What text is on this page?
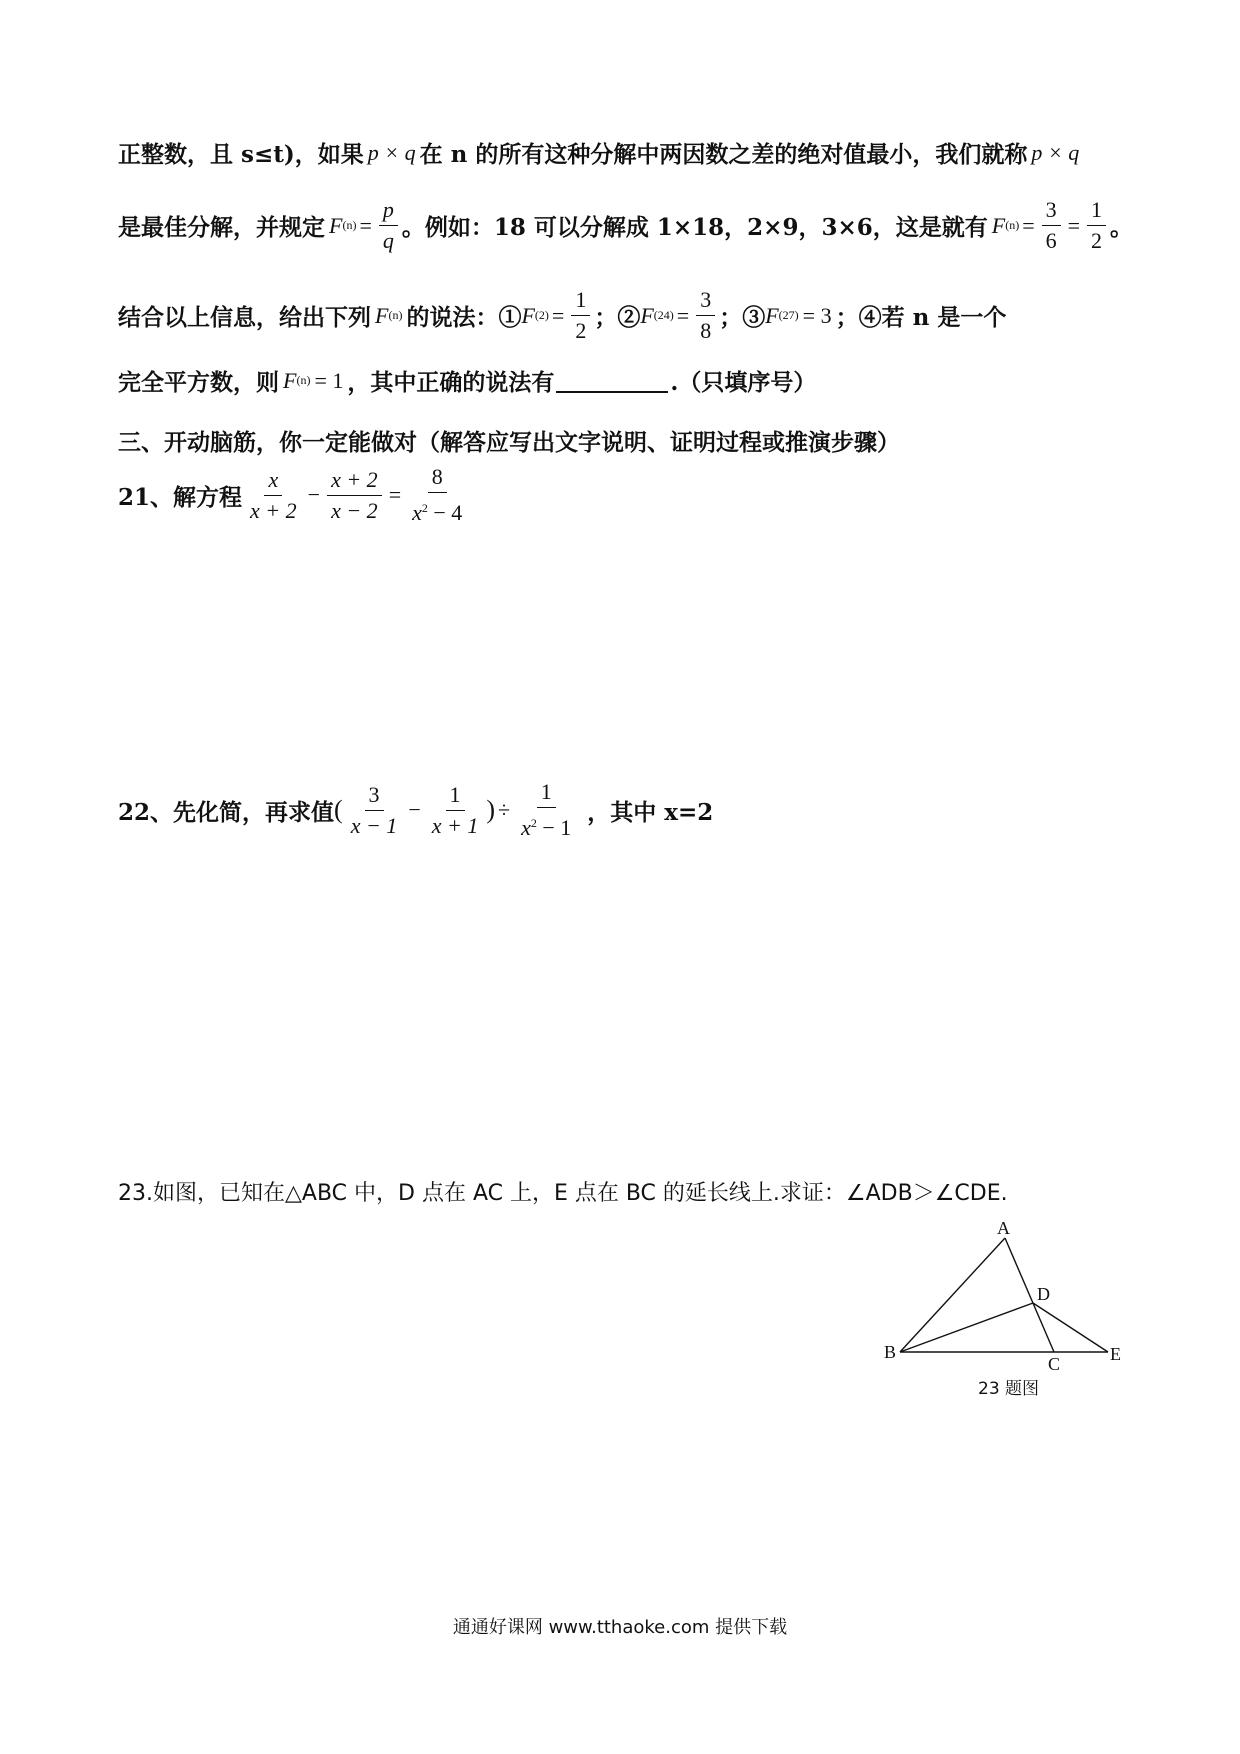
正整数，且 s≤t)，如果 p × q 在 n 的所有这种分解中两因数之差的绝对值最小，我们就称 p × q
是最佳分解，并规定 F $(n) = \frac{p}{q}$ 。例如：18 可以分解成 1×18，2×9，3×6，这是就有 F $(n) = \frac{3}{6} = \frac{1}{2}$ 。
结合以上信息，给出下列 F (n) 的说法：① F $(2) = \frac{1}{2}$ ；② F $(24) = \frac{3}{8}$ ；③ F (27) = 3 ；④若 n 是一个
完全平方数，则 F (n) = 1 ，其中正确的说法有	.（只填序号）
三、开动脑筋，你一定能做对（解答应写出文字说明、证明过程或推演步骤）
21、解方程 $\frac{x}{x + 2} - \frac{x + 2}{x - 2} = \frac{8}{x^2 - 4}$
22、先化简，再求值 ( $\frac{3}{x - 1} - \frac{1}{x + 1}$ ) ÷ $\frac{1}{x^2 - 1}$ ，其中 x=2
23.如图，已知在△ABC 中，D 点在 AC 上，E 点在 BC 的延长线上.求证：∠ADB＞∠CDE.
A
B
C
D
E
23 题图
通通好课网 www.tthaoke.com 提供下载
